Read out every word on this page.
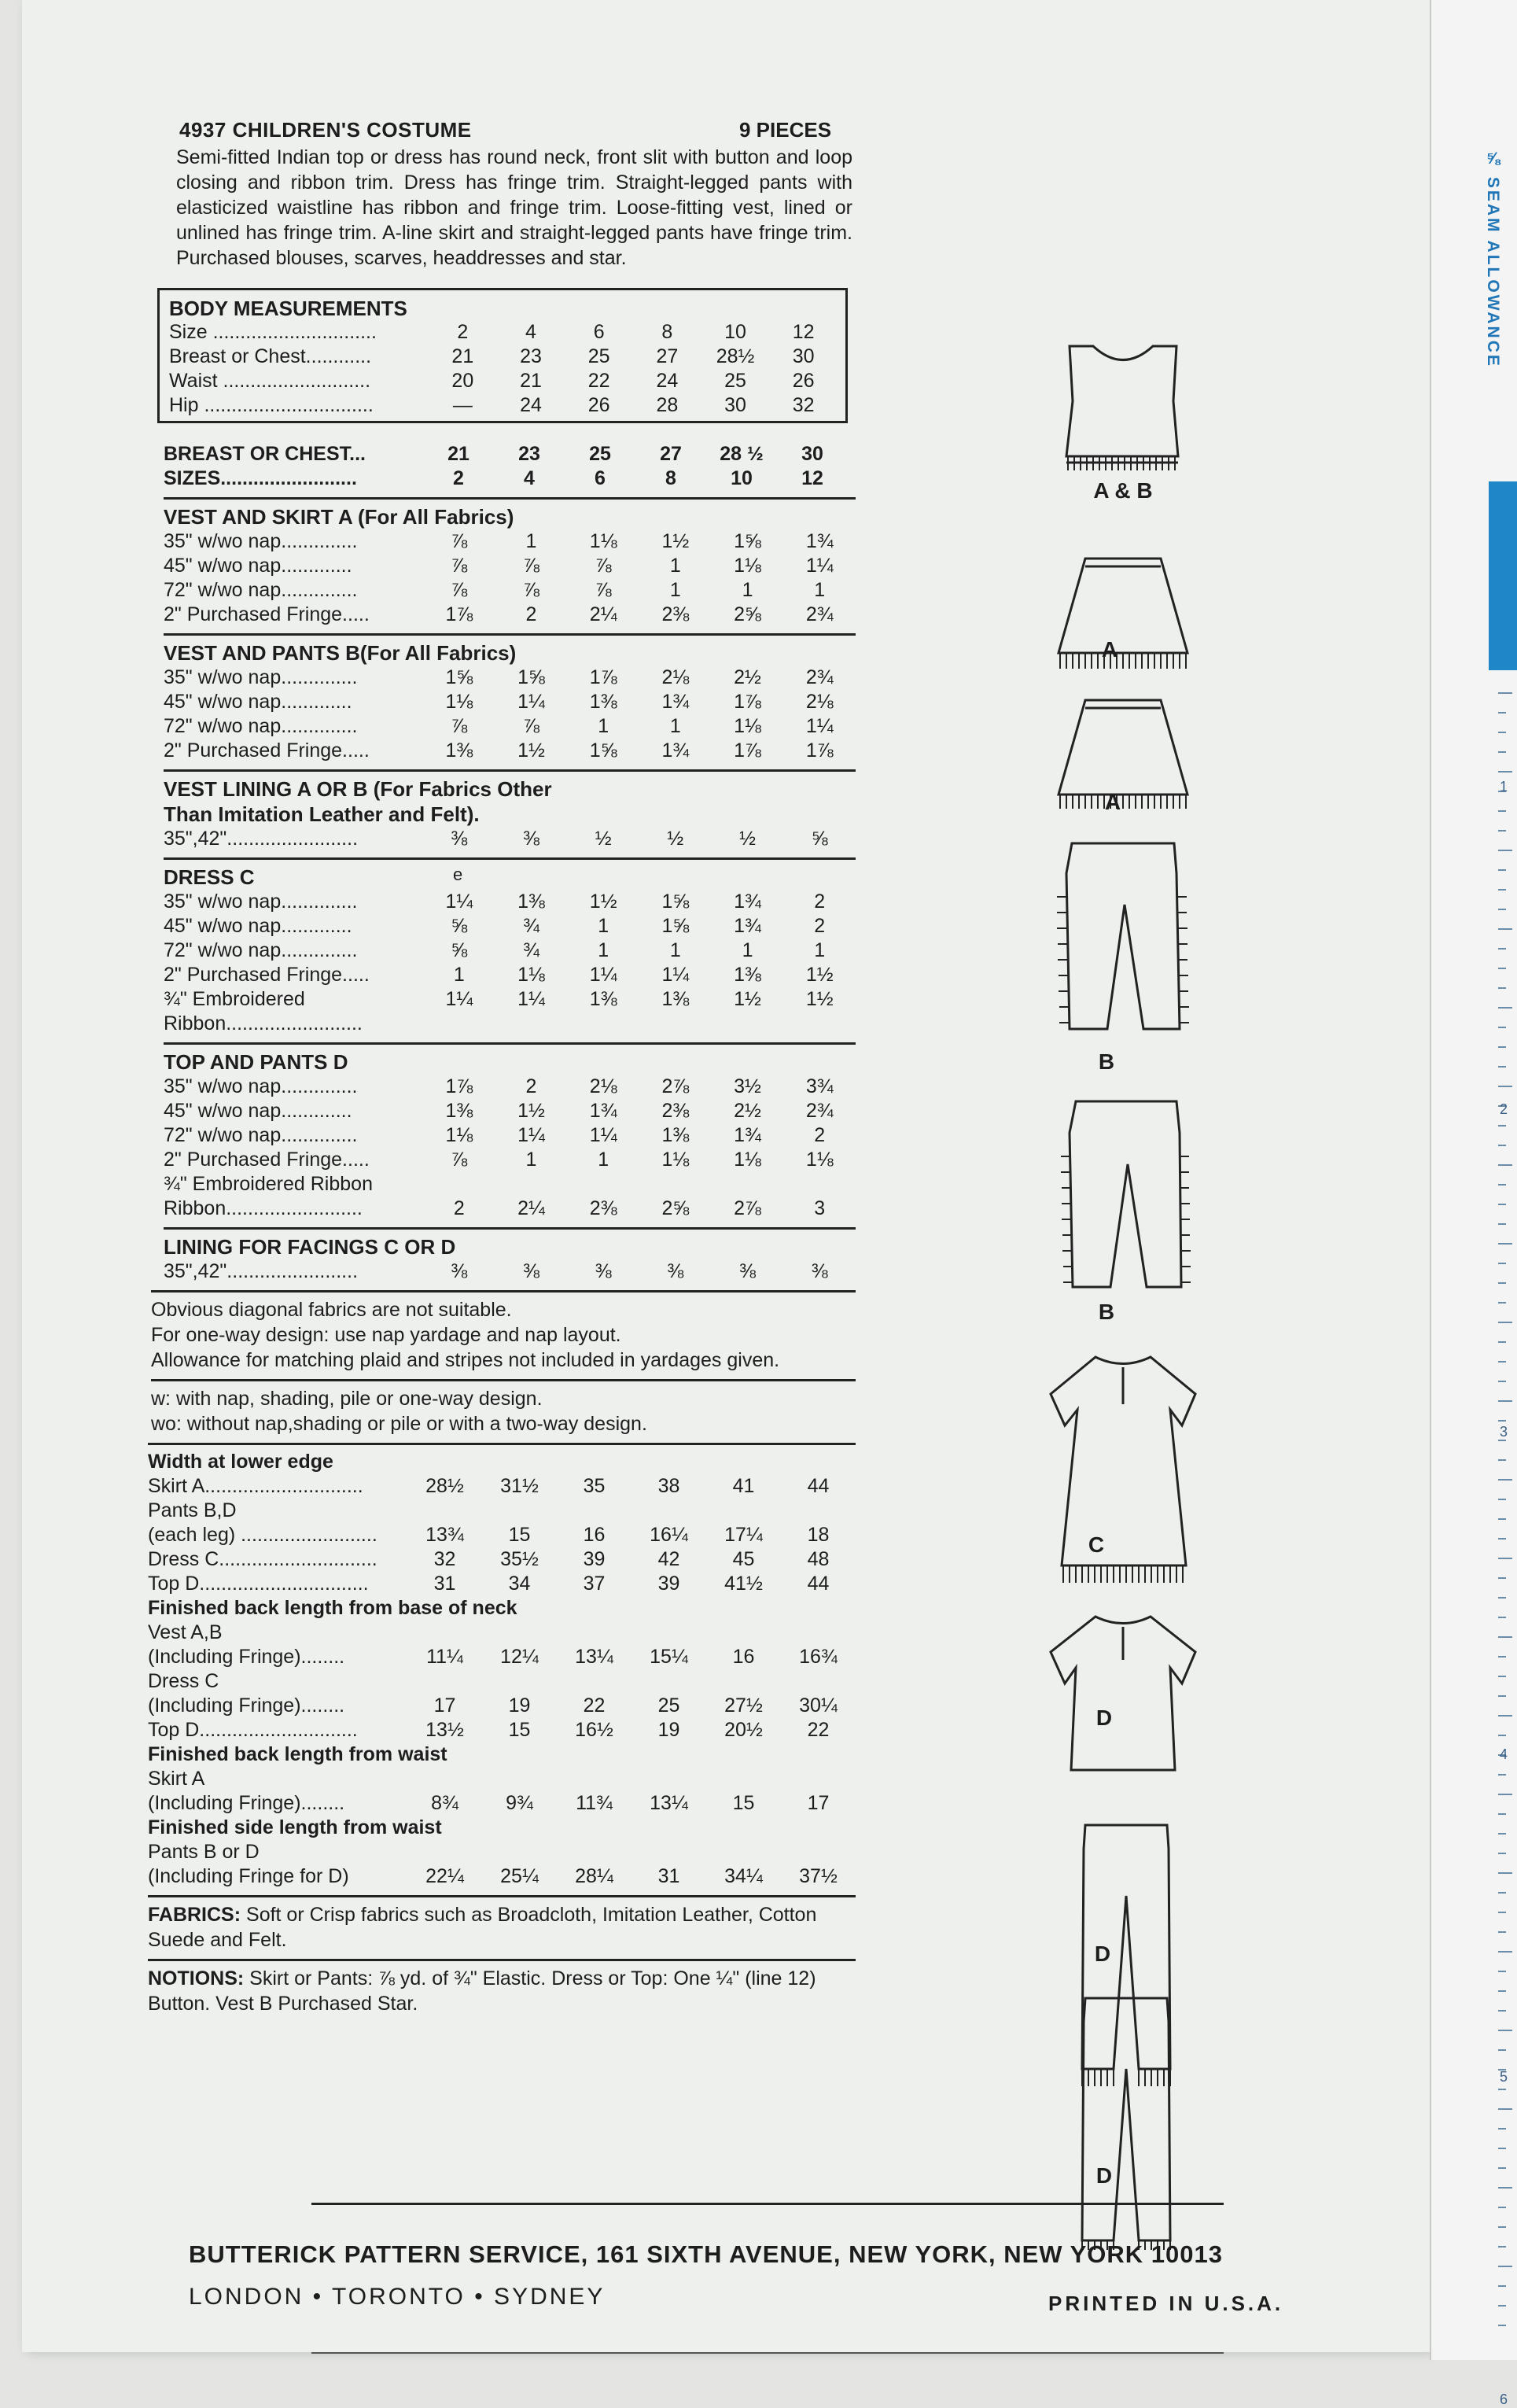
4937 CHILDREN'S COSTUME	9 PIECES
Semi-fitted Indian top or dress has round neck, front slit with button and loop closing and ribbon trim. Dress has fringe trim. Straight-legged pants with elasticized waistline has ribbon and fringe trim. Loose-fitting vest, lined or unlined has fringe trim. A-line skirt and straight-legged pants have fringe trim. Purchased blouses, scarves, headdresses and star.
BODY MEASUREMENTS
Size ..............................	2	4	6	8	10	12
Breast or Chest............	21	23	25	27	28½	30
Waist ...........................	20	21	22	24	25	26
Hip ...............................	—	24	26	28	30	32
BREAST OR CHEST...	21	23	25	27	28 ½	30
SIZES.........................	2	4	6	8	10	12
VEST AND SKIRT A (For All Fabrics)
35" w/wo nap..............	⅞	1	1⅛	1½	1⅝	1¾
45" w/wo nap.............	⅞	⅞	⅞	1	1⅛	1¼
72" w/wo nap..............	⅞	⅞	⅞	1	1	1
2" Purchased Fringe.....	1⅞	2	2¼	2⅜	2⅝	2¾
VEST AND PANTS B(For All Fabrics)
35" w/wo nap..............	1⅝	1⅝	1⅞	2⅛	2½	2¾
45" w/wo nap.............	1⅛	1¼	1⅜	1¾	1⅞	2⅛
72" w/wo nap..............	⅞	⅞	1	1	1⅛	1¼
2" Purchased Fringe.....	1⅜	1½	1⅝	1¾	1⅞	1⅞
VEST LINING A OR B (For Fabrics Other
Than Imitation Leather and Felt).
35",42"........................	⅜	⅜	½	½	½	⅝
DRESS C	e
35" w/wo nap..............	1¼	1⅜	1½	1⅝	1¾	2
45" w/wo nap.............	⅝	¾	1	1⅝	1¾	2
72" w/wo nap..............	⅝	¾	1	1	1	1
2" Purchased Fringe.....	1	1⅛	1¼	1¼	1⅜	1½
¾" Embroidered	1¼	1¼	1⅜	1⅜	1½	1½
Ribbon.........................
TOP AND PANTS D
35" w/wo nap..............	1⅞	2	2⅛	2⅞	3½	3¾
45" w/wo nap.............	1⅜	1½	1¾	2⅜	2½	2¾
72" w/wo nap..............	1⅛	1¼	1¼	1⅜	1¾	2
2" Purchased Fringe.....	⅞	1	1	1⅛	1⅛	1⅛
¾" Embroidered Ribbon
Ribbon.........................	2	2¼	2⅜	2⅝	2⅞	3
LINING FOR FACINGS C OR D
35",42"........................	⅜	⅜	⅜	⅜	⅜	⅜
Obvious diagonal fabrics are not suitable.
For one-way design: use nap yardage and nap layout.
Allowance for matching plaid and stripes not included in yardages given.
w: with nap, shading, pile or one-way design.
wo: without nap,shading or pile or with a two-way design.
Width at lower edge
Skirt A.............................	28½	31½	35	38	41	44
Pants B,D
(each leg) .........................	13¾	15	16	16¼	17¼	18
Dress C.............................	32	35½	39	42	45	48
Top D...............................	31	34	37	39	41½	44
Finished back length from base of neck
Vest A,B
(Including Fringe)........	11¼	12¼	13¼	15¼	16	16¾
Dress C
(Including Fringe)........	17	19	22	25	27½	30¼
Top D.............................	13½	15	16½	19	20½	22
Finished back length from waist
Skirt A
(Including Fringe)........	8¾	9¾	11¾	13¼	15	17
Finished side length from waist
Pants B or D
(Including Fringe for D)	22¼	25¼	28¼	31	34¼	37½
FABRICS: Soft or Crisp fabrics such as Broadcloth, Imitation Leather, Cotton Suede and Felt.
NOTIONS: Skirt or Pants: ⅞ yd. of ¾" Elastic. Dress or Top: One ¼" (line 12) Button. Vest B Purchased Star.
A & B
A
A
B
B
C
D
D
D
BUTTERICK PATTERN SERVICE, 161 SIXTH AVENUE, NEW YORK, NEW YORK 10013
LONDON • TORONTO • SYDNEY	PRINTED IN U.S.A.
⅝ SEAM ALLOWANCE
1
2
3
4
5
6
